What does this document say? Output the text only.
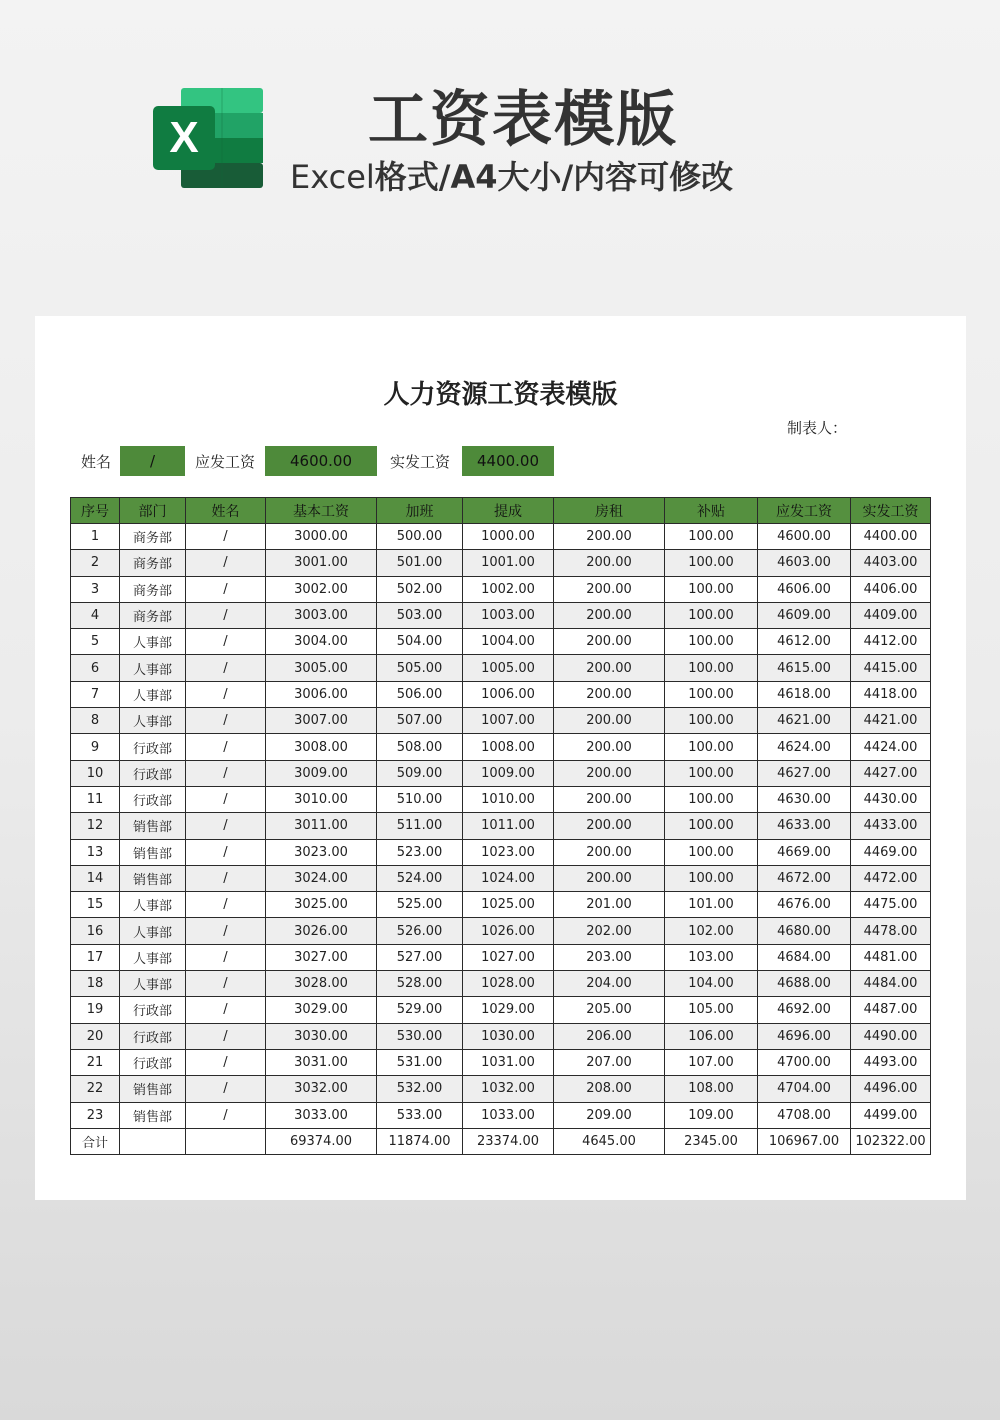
X	工资表模版
Excel格式/A4大小/内容可修改
人力资源工资表模版
制表人：
姓名	/	应发工资	4600.00	实发工资	4400.00
序号	部门	姓名	基本工资	加班	提成	房租	补贴	应发工资	实发工资
1	商务部	/	3000.00	500.00	1000.00	200.00	100.00	4600.00	4400.00
2	商务部	/	3001.00	501.00	1001.00	200.00	100.00	4603.00	4403.00
3	商务部	/	3002.00	502.00	1002.00	200.00	100.00	4606.00	4406.00
4	商务部	/	3003.00	503.00	1003.00	200.00	100.00	4609.00	4409.00
5	人事部	/	3004.00	504.00	1004.00	200.00	100.00	4612.00	4412.00
6	人事部	/	3005.00	505.00	1005.00	200.00	100.00	4615.00	4415.00
7	人事部	/	3006.00	506.00	1006.00	200.00	100.00	4618.00	4418.00
8	人事部	/	3007.00	507.00	1007.00	200.00	100.00	4621.00	4421.00
9	行政部	/	3008.00	508.00	1008.00	200.00	100.00	4624.00	4424.00
10	行政部	/	3009.00	509.00	1009.00	200.00	100.00	4627.00	4427.00
11	行政部	/	3010.00	510.00	1010.00	200.00	100.00	4630.00	4430.00
12	销售部	/	3011.00	511.00	1011.00	200.00	100.00	4633.00	4433.00
13	销售部	/	3023.00	523.00	1023.00	200.00	100.00	4669.00	4469.00
14	销售部	/	3024.00	524.00	1024.00	200.00	100.00	4672.00	4472.00
15	人事部	/	3025.00	525.00	1025.00	201.00	101.00	4676.00	4475.00
16	人事部	/	3026.00	526.00	1026.00	202.00	102.00	4680.00	4478.00
17	人事部	/	3027.00	527.00	1027.00	203.00	103.00	4684.00	4481.00
18	人事部	/	3028.00	528.00	1028.00	204.00	104.00	4688.00	4484.00
19	行政部	/	3029.00	529.00	1029.00	205.00	105.00	4692.00	4487.00
20	行政部	/	3030.00	530.00	1030.00	206.00	106.00	4696.00	4490.00
21	行政部	/	3031.00	531.00	1031.00	207.00	107.00	4700.00	4493.00
22	销售部	/	3032.00	532.00	1032.00	208.00	108.00	4704.00	4496.00
23	销售部	/	3033.00	533.00	1033.00	209.00	109.00	4708.00	4499.00
合计			69374.00	11874.00	23374.00	4645.00	2345.00	106967.00	102322.00
